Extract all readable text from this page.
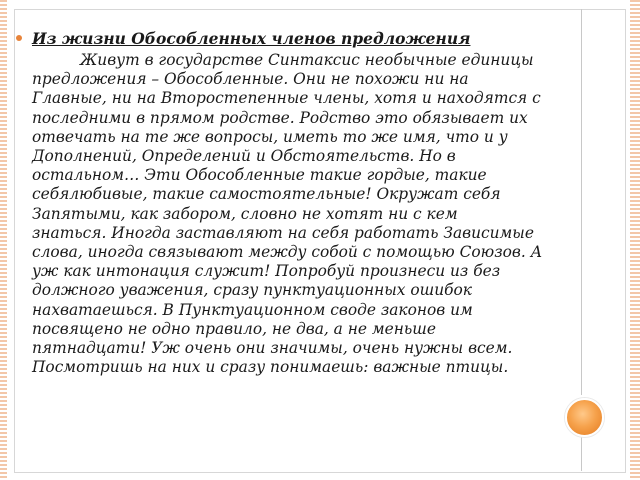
Из жизни Обособленных членов предложения
Живут в государстве Синтаксис необычные единицы
предложения – Обособленные. Они не похожи ни на
Главные, ни на Второстепенные члены, хотя и находятся с
последними в прямом родстве. Родство это обязывает их
отвечать на те же вопросы, иметь то же имя, что и у
Дополнений, Определений и Обстоятельств. Но в
остальном… Эти Обособленные такие гордые, такие
себялюбивые, такие самостоятельные! Окружат себя
Запятыми, как забором, словно не хотят ни с кем
знаться. Иногда заставляют на себя работать Зависимые
слова, иногда связывают между собой с помощью Союзов. А
уж как интонация служит! Попробуй произнеси из без
должного уважения, сразу пунктуационных ошибок
нахватаешься. В Пунктуационном своде законов им
посвящено не одно правило, не два, а не меньше
пятнадцати! Уж очень они значимы, очень нужны всем.
Посмотришь на них и сразу понимаешь: важные птицы.
